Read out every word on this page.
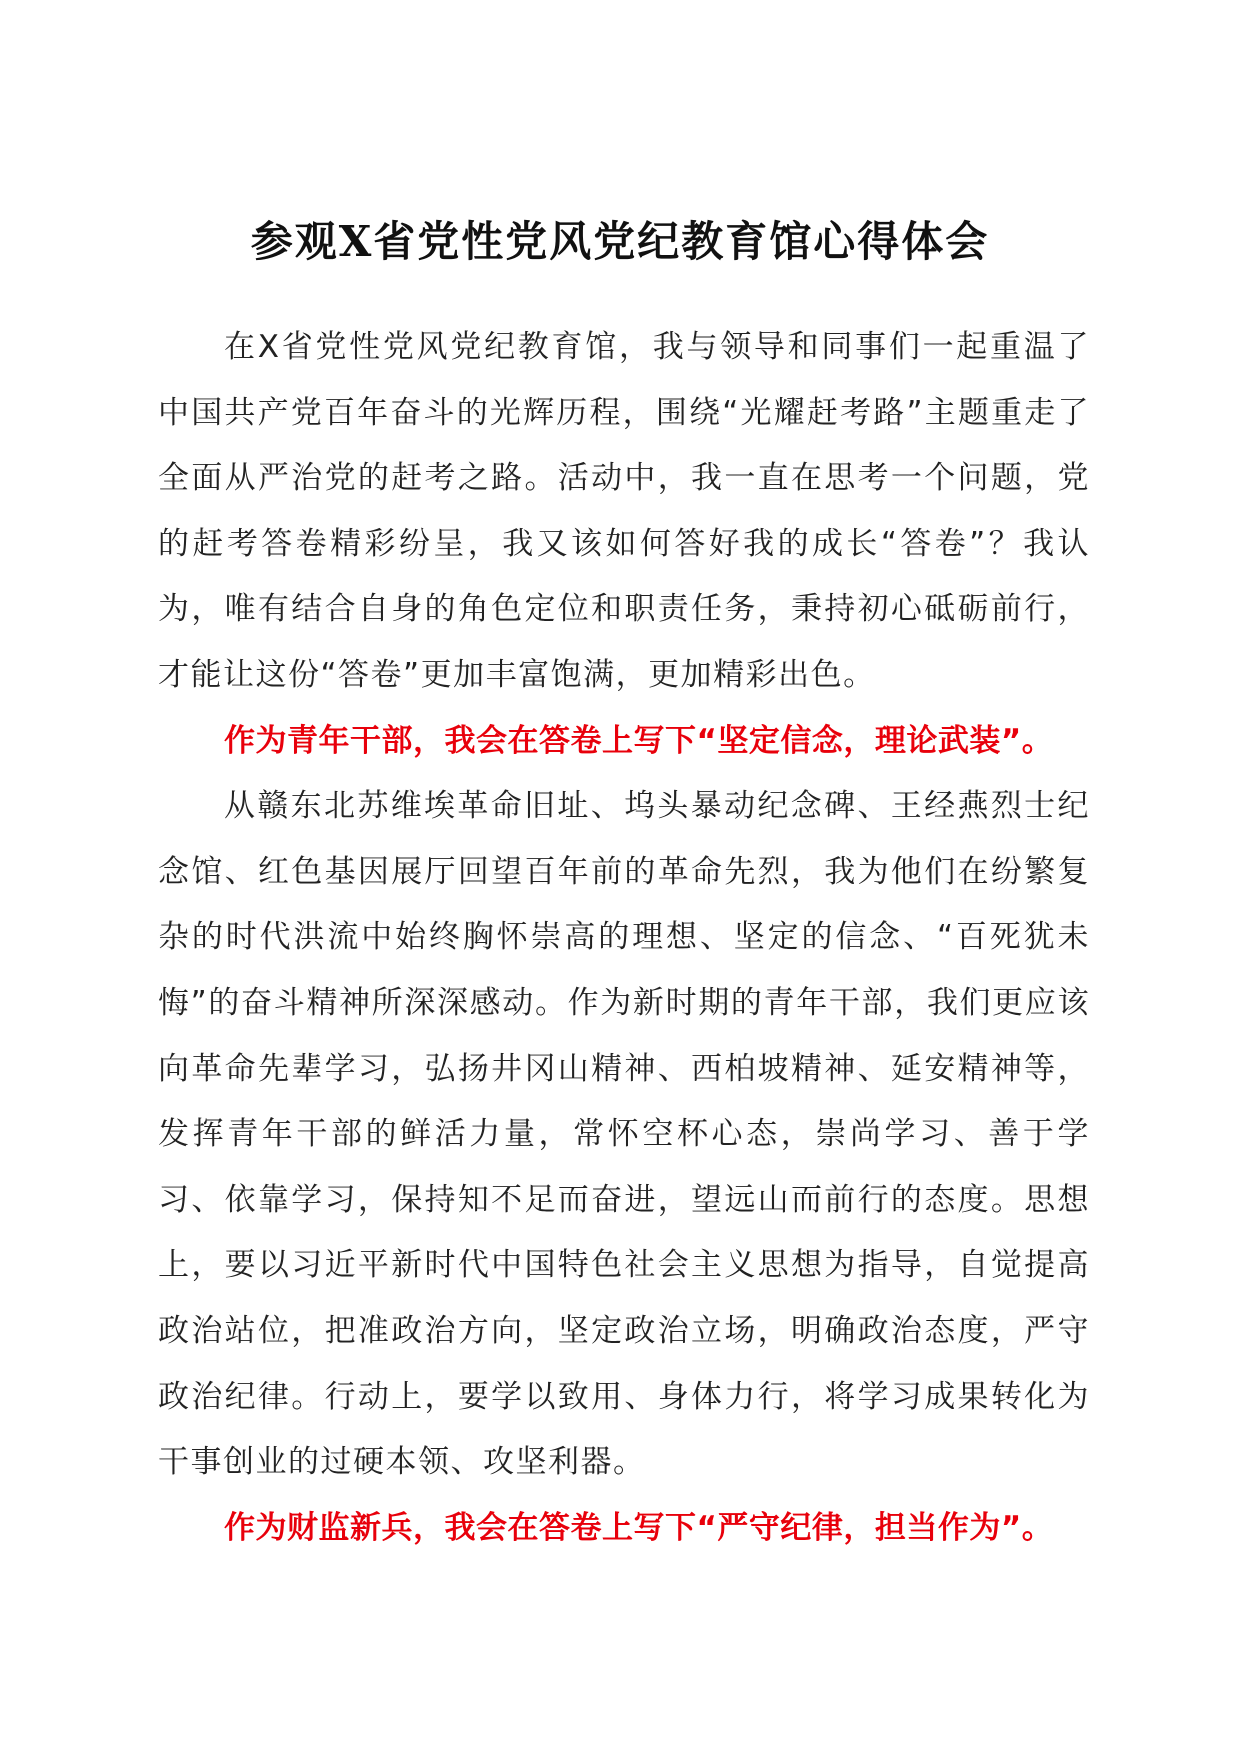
参观X省党性党风党纪教育馆心得体会

在X省党性党风党纪教育馆，我与领导和同事们一起重温了中国共产党百年奋斗的光辉历程，围绕“光耀赶考路”主题重走了全面从严治党的赶考之路。活动中，我一直在思考一个问题，党的赶考答卷精彩纷呈，我又该如何答好我的成长“答卷”？我认为，唯有结合自身的角色定位和职责任务，秉持初心砥砺前行，才能让这份“答卷”更加丰富饱满，更加精彩出色。

作为青年干部，我会在答卷上写下“坚定信念，理论武装”。

从赣东北苏维埃革命旧址、坞头暴动纪念碑、王经燕烈士纪念馆、红色基因展厅回望百年前的革命先烈，我为他们在纷繁复杂的时代洪流中始终胸怀崇高的理想、坚定的信念、“百死犹未悔”的奋斗精神所深深感动。作为新时期的青年干部，我们更应该向革命先辈学习，弘扬井冈山精神、西柏坡精神、延安精神等，发挥青年干部的鲜活力量，常怀空杯心态，崇尚学习、善于学习、依靠学习，保持知不足而奋进，望远山而前行的态度。思想上，要以习近平新时代中国特色社会主义思想为指导，自觉提高政治站位，把准政治方向，坚定政治立场，明确政治态度，严守政治纪律。行动上，要学以致用、身体力行，将学习成果转化为干事创业的过硬本领、攻坚利器。

作为财监新兵，我会在答卷上写下“严守纪律，担当作为”。
